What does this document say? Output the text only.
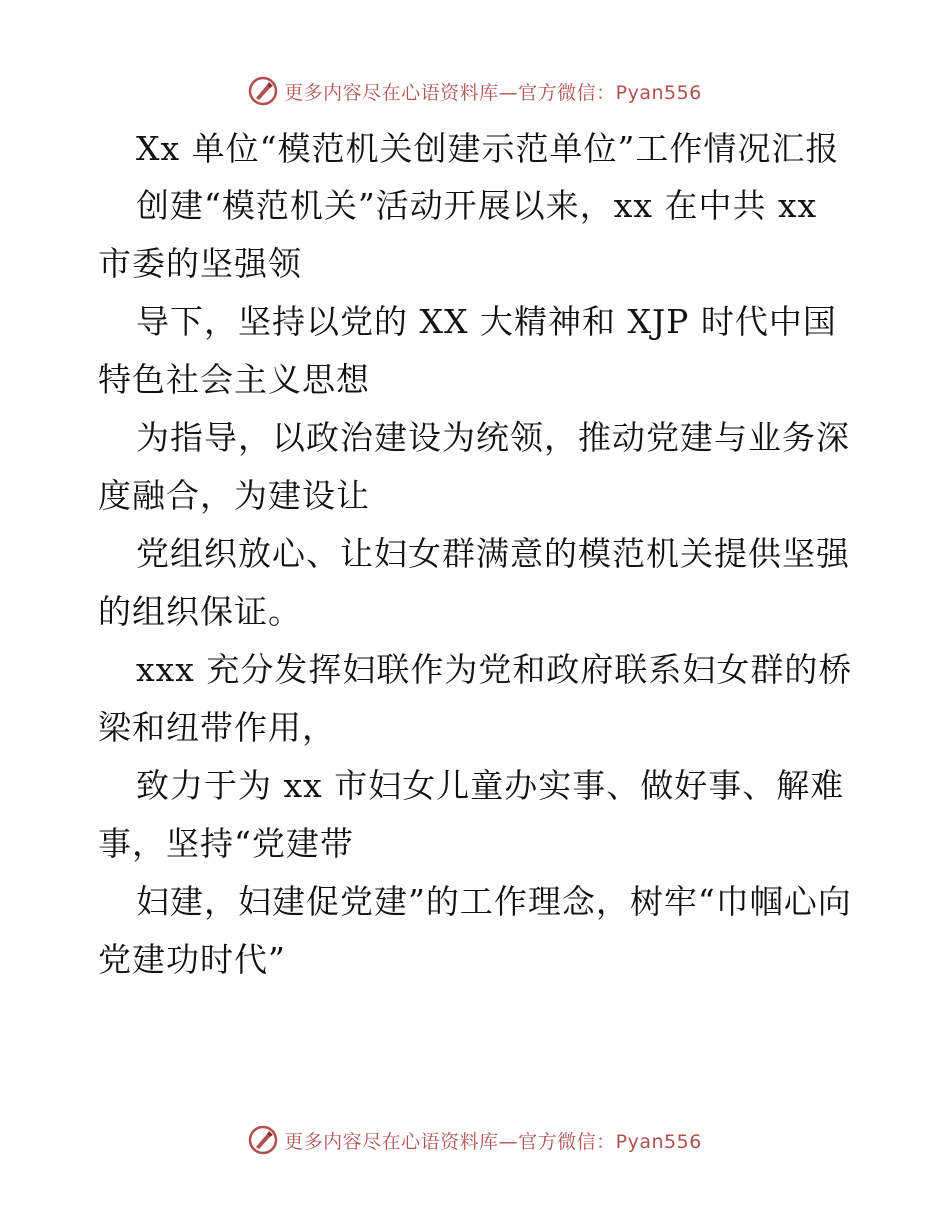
更多内容尽在心语资料库—官方微信：Pyan556

Xx 单位“模范机关创建示范单位”工作情况汇报

创建“模范机关”活动开展以来，xx 在中共 xx 市委的坚强领

导下，坚持以党的 XX 大精神和 XJP 时代中国特色社会主义思想

为指导，以政治建设为统领，推动党建与业务深度融合，为建设让

党组织放心、让妇女群满意的模范机关提供坚强的组织保证。

xxx 充分发挥妇联作为党和政府联系妇女群的桥梁和纽带作用，

致力于为 xx 市妇女儿童办实事、做好事、解难事，坚持“党建带

妇建，妇建促党建”的工作理念，树牢“巾帼心向党建功时代”

更多内容尽在心语资料库—官方微信：Pyan556
